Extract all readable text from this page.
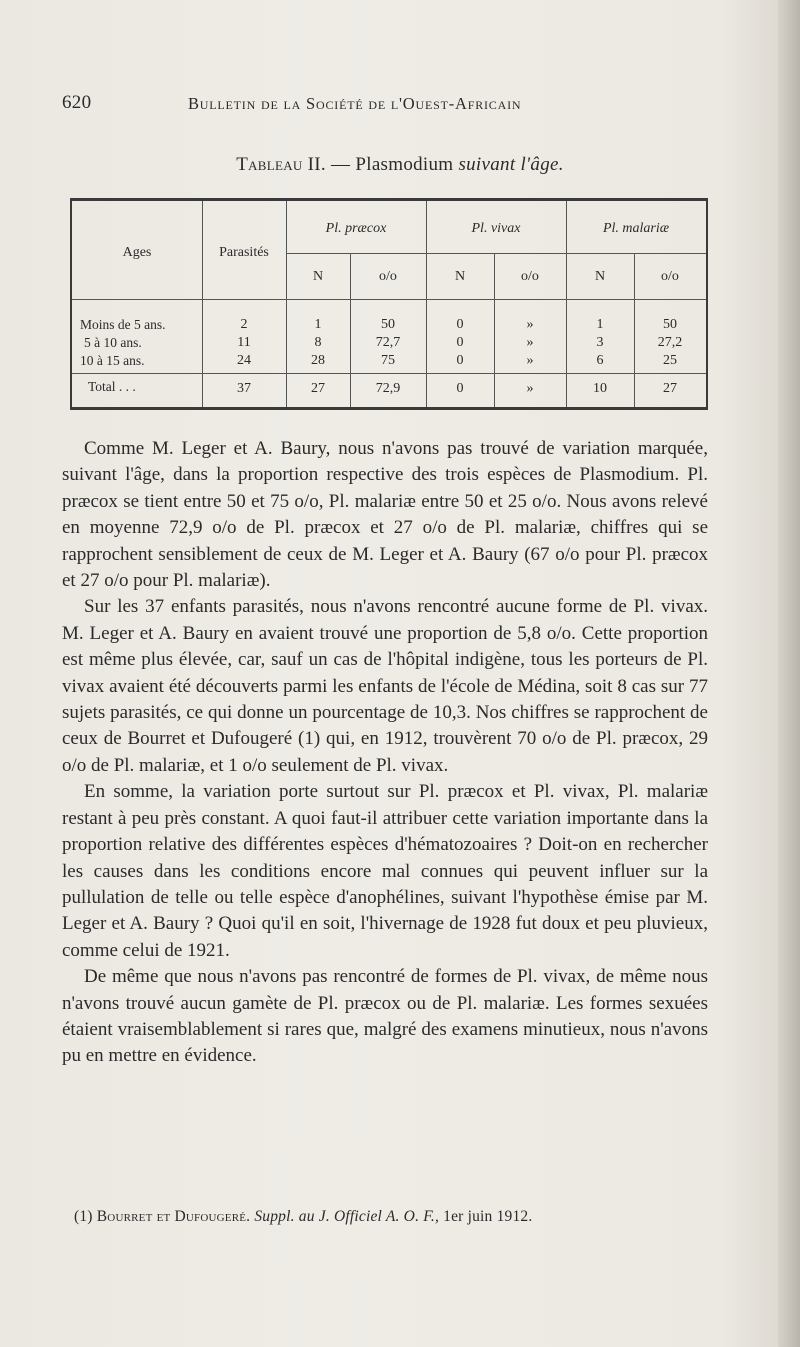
620	Bulletin de la Société de l'Ouest-Africain
Tableau II. — Plasmodium suivant l'âge.
Ages	Parasités
Pl. præcox	Pl. vivax	Pl. malariæ
N	o/o	N	o/o	N	o/o
Moins de 5 ans.	2	1	50	0	»	1	50
5 à 10 ans.	11	8	72,7	0	»	3	27,2
10 à 15 ans.	24	28	75	0	»	6	25
Total . . .	37	27	72,9	0	»	10	27

Comme M. Leger et A. Baury, nous n'avons pas trouvé de variation marquée, suivant l'âge, dans la proportion respective des trois espèces de Plasmodium. Pl. præcox se tient entre 50 et 75 o/o, Pl. malariæ entre 50 et 25 o/o. Nous avons relevé en moyenne 72,9 o/o de Pl. præcox et 27 o/o de Pl. malariæ, chiffres qui se rapprochent sensiblement de ceux de M. Leger et A. Baury (67 o/o pour Pl. præcox et 27 o/o pour Pl. malariæ).

Sur les 37 enfants parasités, nous n'avons rencontré aucune forme de Pl. vivax. M. Leger et A. Baury en avaient trouvé une proportion de 5,8 o/o. Cette proportion est même plus élevée, car, sauf un cas de l'hôpital indigène, tous les porteurs de Pl. vivax avaient été découverts parmi les enfants de l'école de Médina, soit 8 cas sur 77 sujets parasités, ce qui donne un pourcentage de 10,3. Nos chiffres se rapprochent de ceux de Bourret et Dufougeré (1) qui, en 1912, trouvèrent 70 o/o de Pl. præcox, 29 o/o de Pl. malariæ, et 1 o/o seulement de Pl. vivax.

En somme, la variation porte surtout sur Pl. præcox et Pl. vivax, Pl. malariæ restant à peu près constant. A quoi faut-il attribuer cette variation importante dans la proportion relative des différentes espèces d'hématozoaires ? Doit-on en rechercher les causes dans les conditions encore mal connues qui peuvent influer sur la pullulation de telle ou telle espèce d'anophélines, suivant l'hypothèse émise par M. Leger et A. Baury ? Quoi qu'il en soit, l'hivernage de 1928 fut doux et peu pluvieux, comme celui de 1921.

De même que nous n'avons pas rencontré de formes de Pl. vivax, de même nous n'avons trouvé aucun gamète de Pl. præcox ou de Pl. malariæ. Les formes sexuées étaient vraisemblablement si rares que, malgré des examens minutieux, nous n'avons pu en mettre en évidence.

(1) Bourret et Dufougeré. Suppl. au J. Officiel A. O. F., 1er juin 1912.
